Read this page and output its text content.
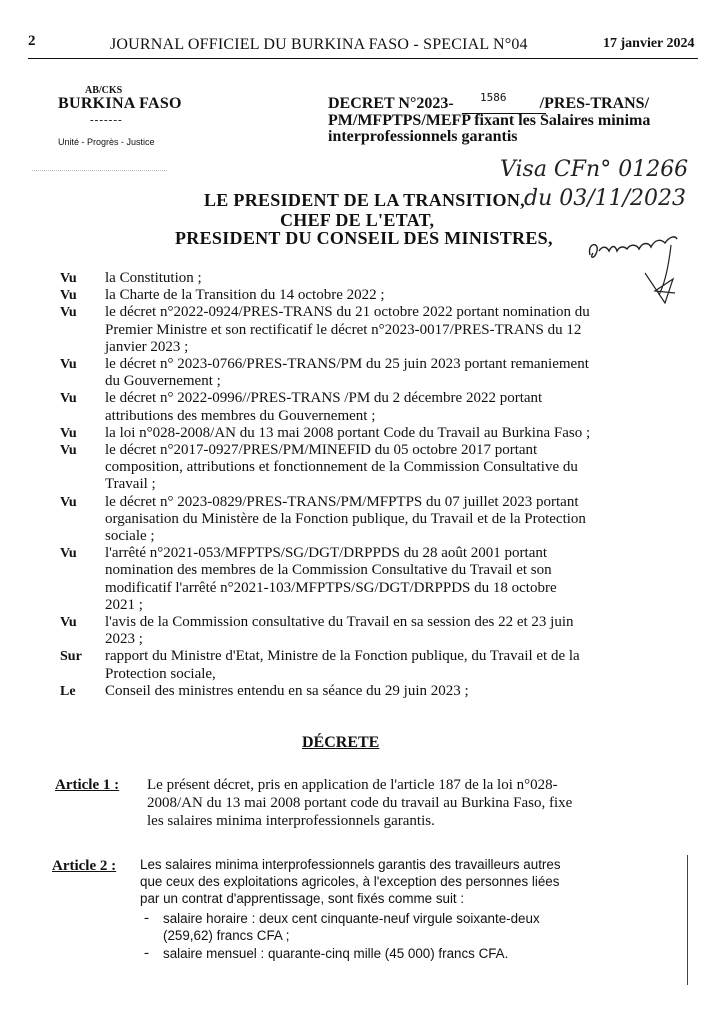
2	JOURNAL OFFICIEL DU BURKINA FASO - SPECIAL N°04	17 janvier 2024
AB/CKS
BURKINA FASO
-------
Unité - Progrès - Justice
DECRET N°2023-	/PRES-TRANS/
1586
PM/MFPTPS/MEFP fixant les Salaires minima
interprofessionnels garantis
Visa CFn° 01266
du 03/11/2023
LE PRESIDENT DE LA TRANSITION,
CHEF DE L'ETAT,
PRESIDENT DU CONSEIL DES MINISTRES,
Vu la Constitution ;
Vu la Charte de la Transition du 14 octobre 2022 ;
Vu le décret n°2022-0924/PRES-TRANS du 21 octobre 2022 portant nomination du
Premier Ministre et son rectificatif le décret n°2023-0017/PRES-TRANS du 12
janvier 2023 ;
Vu le décret n° 2023-0766/PRES-TRANS/PM du 25 juin 2023 portant remaniement
du Gouvernement ;
Vu le décret n° 2022-0996//PRES-TRANS /PM du 2 décembre 2022 portant
attributions des membres du Gouvernement ;
Vu la loi n°028-2008/AN du 13 mai 2008 portant Code du Travail au Burkina Faso ;
Vu le décret n°2017-0927/PRES/PM/MINEFID du 05 octobre 2017 portant
composition, attributions et fonctionnement de la Commission Consultative du
Travail ;
Vu le décret n° 2023-0829/PRES-TRANS/PM/MFPTPS du 07 juillet 2023 portant
organisation du Ministère de la Fonction publique, du Travail et de la Protection
sociale ;
Vu l'arrêté n°2021-053/MFPTPS/SG/DGT/DRPPDS du 28 août 2001 portant
nomination des membres de la Commission Consultative du Travail et son
modificatif l'arrêté n°2021-103/MFPTPS/SG/DGT/DRPPDS du 18 octobre
2021 ;
Vu l'avis de la Commission consultative du Travail en sa session des 22 et 23 juin
2023 ;
Sur rapport du Ministre d'Etat, Ministre de la Fonction publique, du Travail et de la
Protection sociale,
Le Conseil des ministres entendu en sa séance du 29 juin 2023 ;
DÉCRETE
Article 1 : Le présent décret, pris en application de l'article 187 de la loi n°028-
2008/AN du 13 mai 2008 portant code du travail au Burkina Faso, fixe
les salaires minima interprofessionnels garantis.
Article 2 : Les salaires minima interprofessionnels garantis des travailleurs autres
que ceux des exploitations agricoles, à l'exception des personnes liées
par un contrat d'apprentissage, sont fixés comme suit :
- salaire horaire : deux cent cinquante-neuf virgule soixante-deux
(259,62) francs CFA ;
- salaire mensuel : quarante-cinq mille (45 000) francs CFA.
